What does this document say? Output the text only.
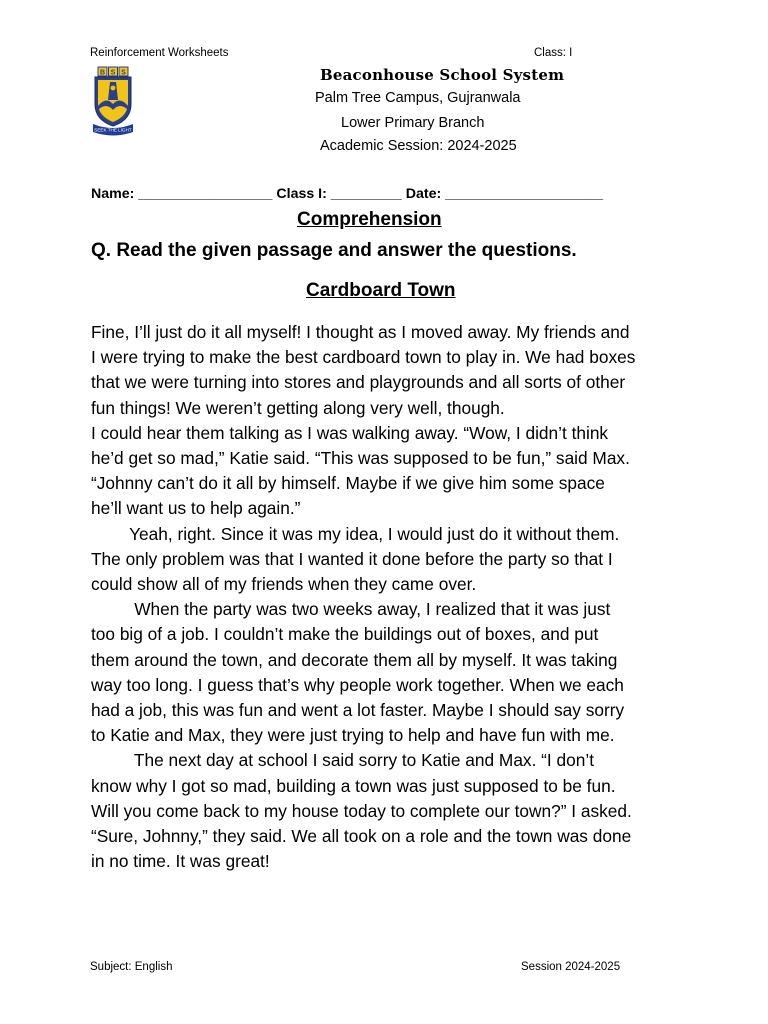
Reinforcement Worksheets	Class: I
B S S
SEEK THE LIGHT
Beaconhouse School System
Palm Tree Campus, Gujranwala
Lower Primary Branch
Academic Session: 2024-2025
Name: _________________ Class I: _________ Date: ____________________
Comprehension
Q. Read the given passage and answer the questions.
Cardboard Town
Fine, I’ll just do it all myself! I thought as I moved away. My friends and
I were trying to make the best cardboard town to play in. We had boxes
that we were turning into stores and playgrounds and all sorts of other
fun things! We weren’t getting along very well, though.
I could hear them talking as I was walking away. “Wow, I didn’t think
he’d get so mad,” Katie said. “This was supposed to be fun,” said Max.
“Johnny can’t do it all by himself. Maybe if we give him some space
he’ll want us to help again.”
Yeah, right. Since it was my idea, I would just do it without them.
The only problem was that I wanted it done before the party so that I
could show all of my friends when they came over.
When the party was two weeks away, I realized that it was just
too big of a job. I couldn’t make the buildings out of boxes, and put
them around the town, and decorate them all by myself. It was taking
way too long. I guess that’s why people work together. When we each
had a job, this was fun and went a lot faster. Maybe I should say sorry
to Katie and Max, they were just trying to help and have fun with me.
The next day at school I said sorry to Katie and Max. “I don’t
know why I got so mad, building a town was just supposed to be fun.
Will you come back to my house today to complete our town?” I asked.
“Sure, Johnny,” they said. We all took on a role and the town was done
in no time. It was great!
Subject: English	Session 2024-2025
